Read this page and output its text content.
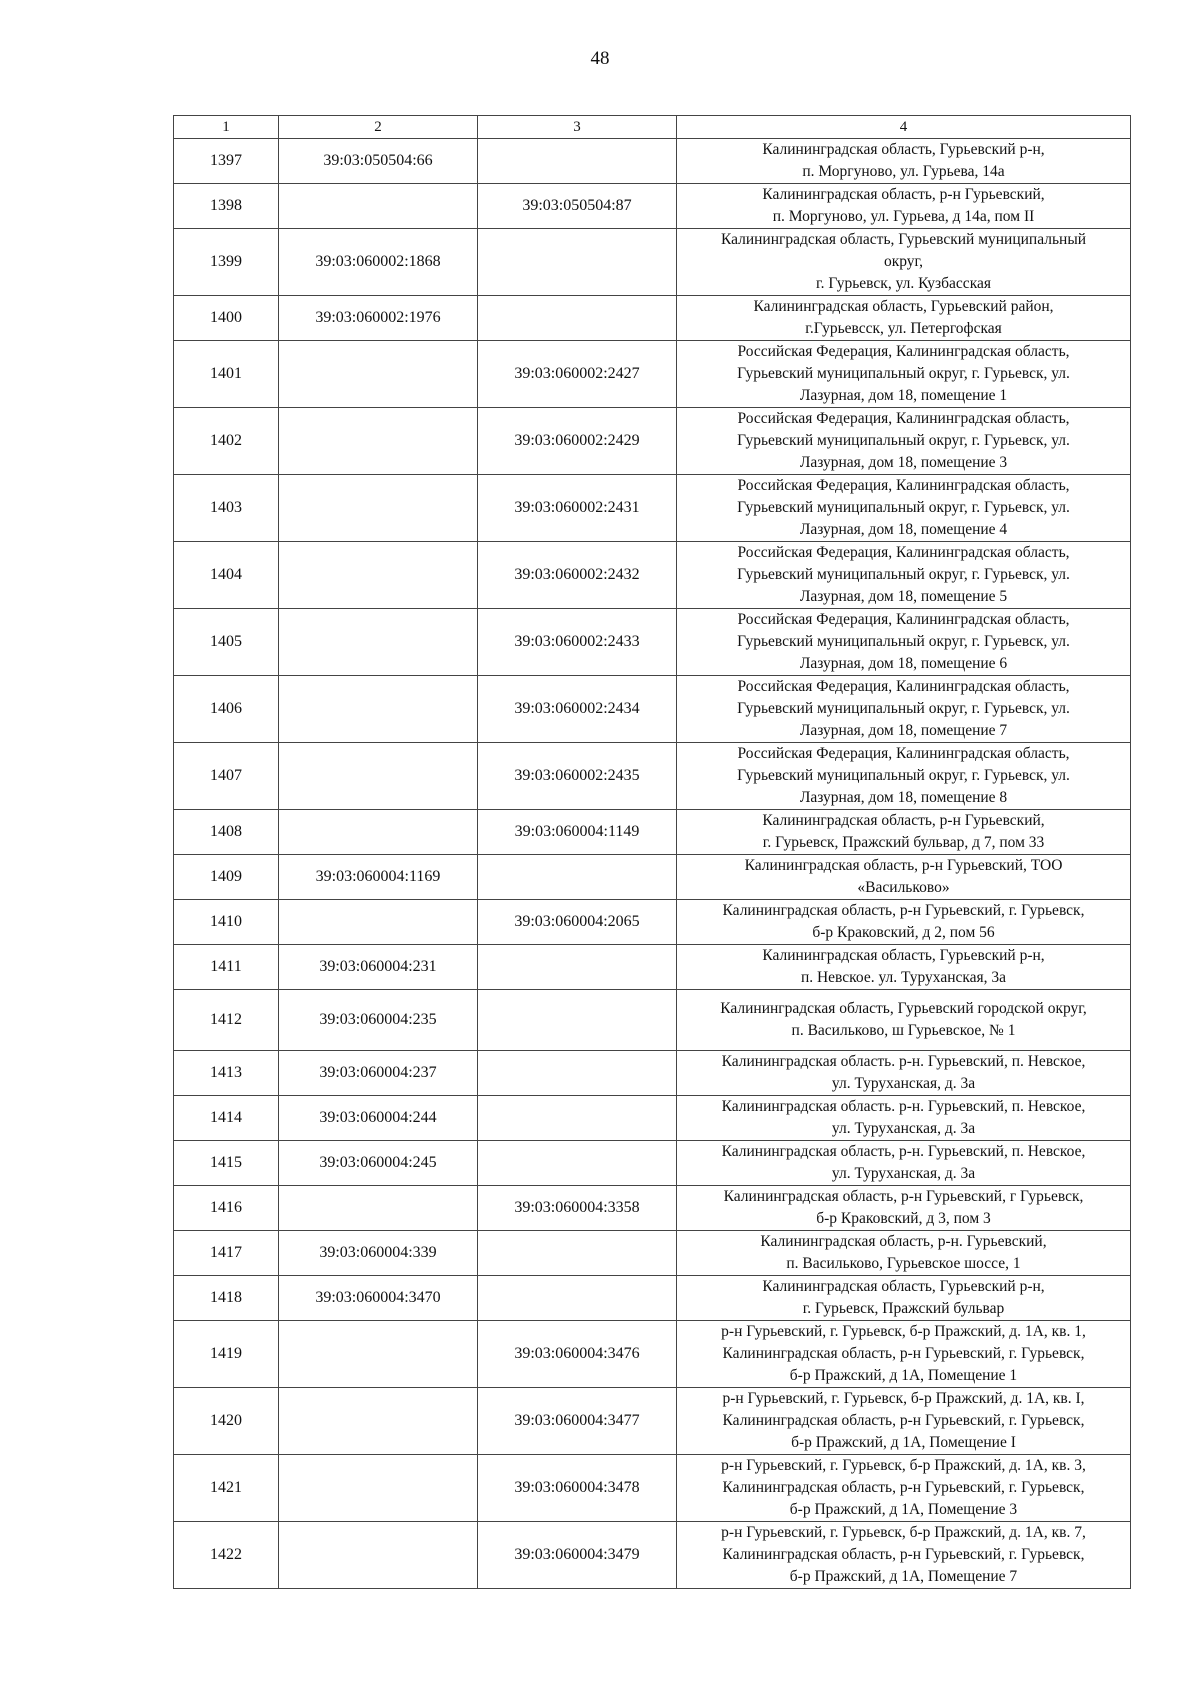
48
1	2	3	4
1397	39:03:050504:66		Калининградская область, Гурьевский р-н,
п. Моргуново, ул. Гурьева, 14а

1398		39:03:050504:87	Калининградская область, р-н Гурьевский,
п. Моргуново, ул. Гурьева, д 14а, пом II

1399	39:03:060002:1868		Калининградская область, Гурьевский муниципальный
округ,
г. Гурьевск, ул. Кузбасская

1400	39:03:060002:1976		Калининградская область, Гурьевский район,
г.Гурьевсск, ул. Петергофская

1401		39:03:060002:2427	Российская Федерация, Калининградская область,
Гурьевский муниципальный округ, г. Гурьевск, ул.
Лазурная, дом 18, помещение 1

1402		39:03:060002:2429	Российская Федерация, Калининградская область,
Гурьевский муниципальный округ, г. Гурьевск, ул.
Лазурная, дом 18, помещение 3

1403		39:03:060002:2431	Российская Федерация, Калининградская область,
Гурьевский муниципальный округ, г. Гурьевск, ул.
Лазурная, дом 18, помещение 4

1404		39:03:060002:2432	Российская Федерация, Калининградская область,
Гурьевский муниципальный округ, г. Гурьевск, ул.
Лазурная, дом 18, помещение 5

1405		39:03:060002:2433	Российская Федерация, Калининградская область,
Гурьевский муниципальный округ, г. Гурьевск, ул.
Лазурная, дом 18, помещение 6

1406		39:03:060002:2434	Российская Федерация, Калининградская область,
Гурьевский муниципальный округ, г. Гурьевск, ул.
Лазурная, дом 18, помещение 7

1407		39:03:060002:2435	Российская Федерация, Калининградская область,
Гурьевский муниципальный округ, г. Гурьевск, ул.
Лазурная, дом 18, помещение 8

1408		39:03:060004:1149	Калининградская область, р-н Гурьевский,
г. Гурьевск, Пражский бульвар, д 7, пом 33

1409	39:03:060004:1169		Калининградская область, р-н Гурьевский, ТОО
«Васильково»

1410		39:03:060004:2065	Калининградская область, р-н Гурьевский, г. Гурьевск,
б-р Краковский, д 2, пом 56

1411	39:03:060004:231		Калининградская область, Гурьевский р-н,
п. Невское. ул. Туруханская, 3а

1412	39:03:060004:235		Калининградская область, Гурьевский городской округ,
п. Васильково, ш Гурьевское, № 1

1413	39:03:060004:237		Калининградская область. р-н. Гурьевский, п. Невское,
ул. Туруханская, д. 3а

1414	39:03:060004:244		Калининградская область. р-н. Гурьевский, п. Невское,
ул. Туруханская, д. 3а

1415	39:03:060004:245		Калининградская область, р-н. Гурьевский, п. Невское,
ул. Туруханская, д. 3а

1416		39:03:060004:3358	Калининградская область, р-н Гурьевский, г Гурьевск,
б-р Краковский, д 3, пом 3

1417	39:03:060004:339		Калининградская область, р-н. Гурьевский,
п. Васильково, Гурьевское шоссе, 1

1418	39:03:060004:3470		Калининградская область, Гурьевский р-н,
г. Гурьевск, Пражский бульвар

1419		39:03:060004:3476	р-н Гурьевский, г. Гурьевск, б-р Пражский, д. 1А, кв. 1,
Калининградская область, р-н Гурьевский, г. Гурьевск,
б-р Пражский, д 1А, Помещение 1

1420		39:03:060004:3477	р-н Гурьевский, г. Гурьевск, б-р Пражский, д. 1А, кв. I,
Калининградская область, р-н Гурьевский, г. Гурьевск,
б-р Пражский, д 1А, Помещение I

1421		39:03:060004:3478	р-н Гурьевский, г. Гурьевск, б-р Пражский, д. 1А, кв. 3,
Калининградская область, р-н Гурьевский, г. Гурьевск,
б-р Пражский, д 1А, Помещение 3

1422		39:03:060004:3479	р-н Гурьевский, г. Гурьевск, б-р Пражский, д. 1А, кв. 7,
Калининградская область, р-н Гурьевский, г. Гурьевск,
б-р Пражский, д 1А, Помещение 7
